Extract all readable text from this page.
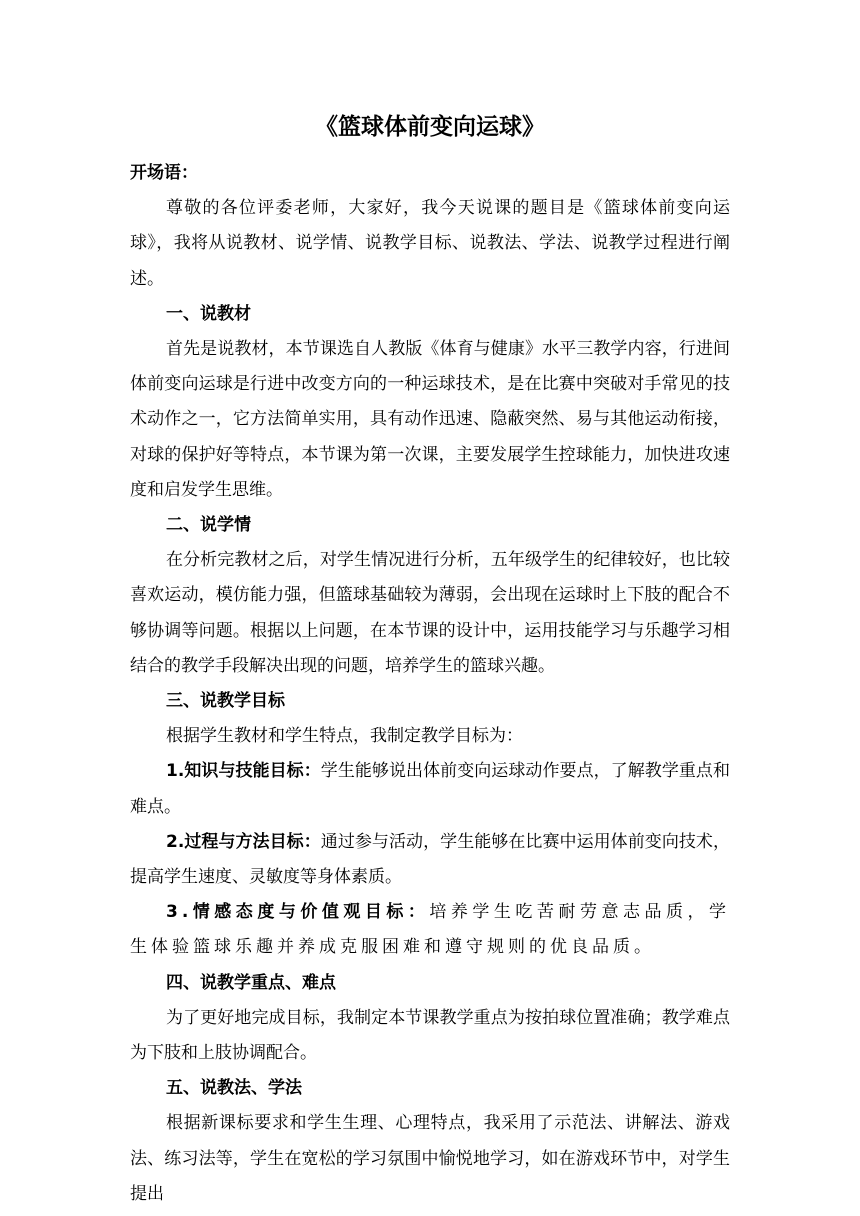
《篮球体前变向运球》

开场语：

尊敬的各位评委老师，大家好，我今天说课的题目是《篮球体前变向运球》，我将从说教材、说学情、说教学目标、说教法、学法、说教学过程进行阐述。

一、说教材

首先是说教材，本节课选自人教版《体育与健康》水平三教学内容，行进间体前变向运球是行进中改变方向的一种运球技术，是在比赛中突破对手常见的技术动作之一，它方法简单实用，具有动作迅速、隐蔽突然、易与其他运动衔接，对球的保护好等特点，本节课为第一次课，主要发展学生控球能力，加快进攻速度和启发学生思维。

二、说学情

在分析完教材之后，对学生情况进行分析，五年级学生的纪律较好，也比较喜欢运动，模仿能力强，但篮球基础较为薄弱，会出现在运球时上下肢的配合不够协调等问题。根据以上问题，在本节课的设计中，运用技能学习与乐趣学习相结合的教学手段解决出现的问题，培养学生的篮球兴趣。

三、说教学目标

根据学生教材和学生特点，我制定教学目标为：

1.知识与技能目标：学生能够说出体前变向运球动作要点，了解教学重点和难点。

2.过程与方法目标：通过参与活动，学生能够在比赛中运用体前变向技术，提高学生速度、灵敏度等身体素质。

3.情感态度与价值观目标：培养学生吃苦耐劳意志品质，学生体验篮球乐趣并养成克服困难和遵守规则的优良品质。

四、说教学重点、难点

为了更好地完成目标，我制定本节课教学重点为按拍球位置准确；教学难点为下肢和上肢协调配合。

五、说教法、学法

根据新课标要求和学生生理、心理特点，我采用了示范法、讲解法、游戏法、练习法等，学生在宽松的学习氛围中愉悦地学习，如在游戏环节中，对学生提出
